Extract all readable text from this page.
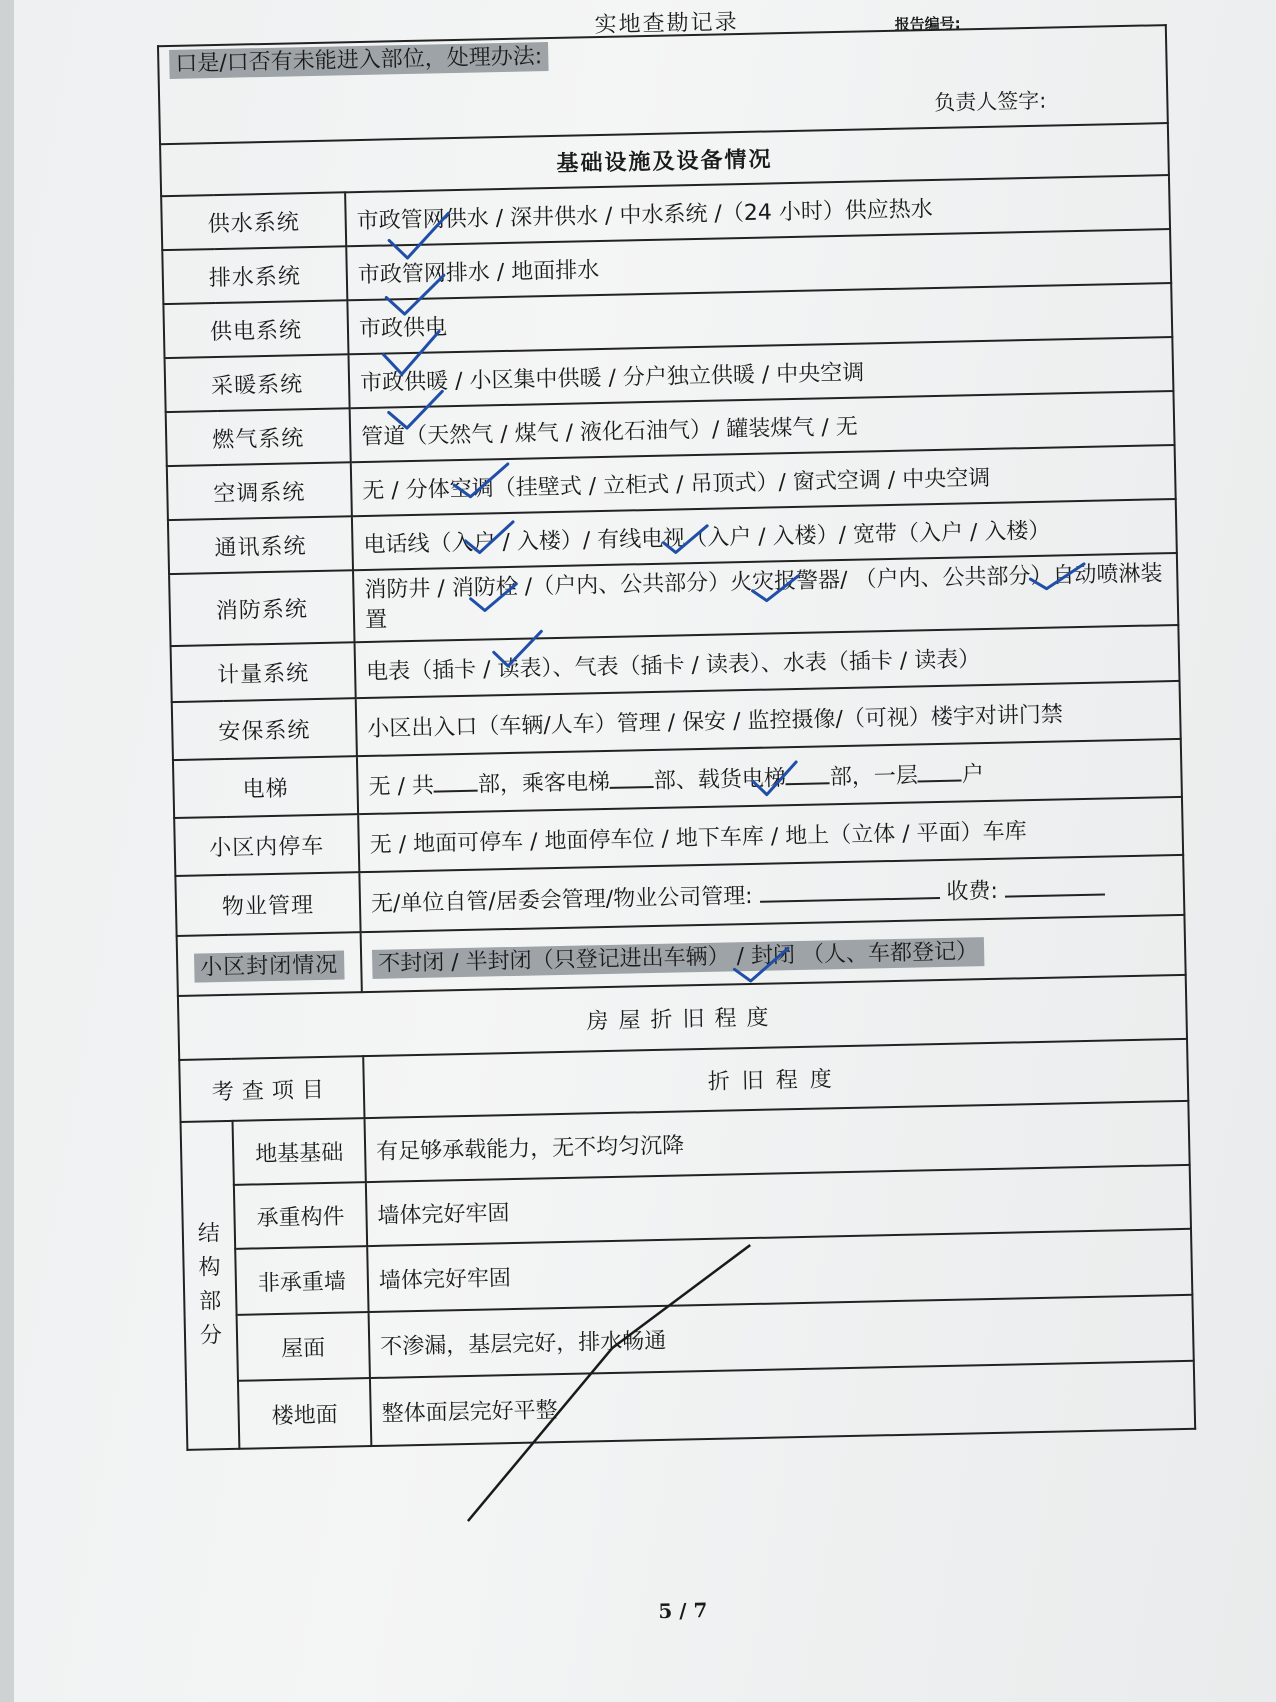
实地查勘记录	报告编号:
口是/口否有未能进入部位，处理办法:
负责人签字:		

基础设施及设备情况		
供水系统		市政管网供水 / 深井供水 / 中水系统 /（24 小时）供应热水
排水系统		市政管网排水 / 地面排水
供电系统		市政供电
采暖系统		市政供暖 / 小区集中供暖 / 分户独立供暖 / 中央空调
燃气系统		管道（天然气 / 煤气 / 液化石油气）/ 罐装煤气 / 无
空调系统		无 / 分体空调（挂壁式 / 立柜式 / 吊顶式）/ 窗式空调 / 中央空调
通讯系统		电话线（入户 / 入楼）/ 有线电视（入户 / 入楼）/ 宽带（入户 / 入楼）
消防系统		消防井 / 消防栓 /（户内、公共部分）火灾报警器/ （户内、公共部分）自动喷淋装置
计量系统		电表（插卡 / 读表）、气表（插卡 / 读表）、水表（插卡 / 读表）
安保系统		小区出入口（车辆/人车）管理 / 保安 / 监控摄像/（可视）楼宇对讲门禁
电梯		无 / 共 部，乘客电梯 部、载货电梯 部，一层 户
小区内停车		无 / 地面可停车 / 地面停车位 / 地下车库 / 地上（立体 / 平面）车库
物业管理		无/单位自管/居委会管理/物业公司管理: 收费:
小区封闭情况		不封闭 / 半封闭（只登记进出车辆） / 封闭 （人、车都登记）
房屋折旧程度		
考查项目		折旧程度
结
构
部
分	地基基础	有足够承载能力，无不均匀沉降
	承重构件	墙体完好牢固
	非承重墙	墙体完好牢固
	屋面	不渗漏，基层完好，排水畅通
	楼地面	整体面层完好平整
5 / 7
